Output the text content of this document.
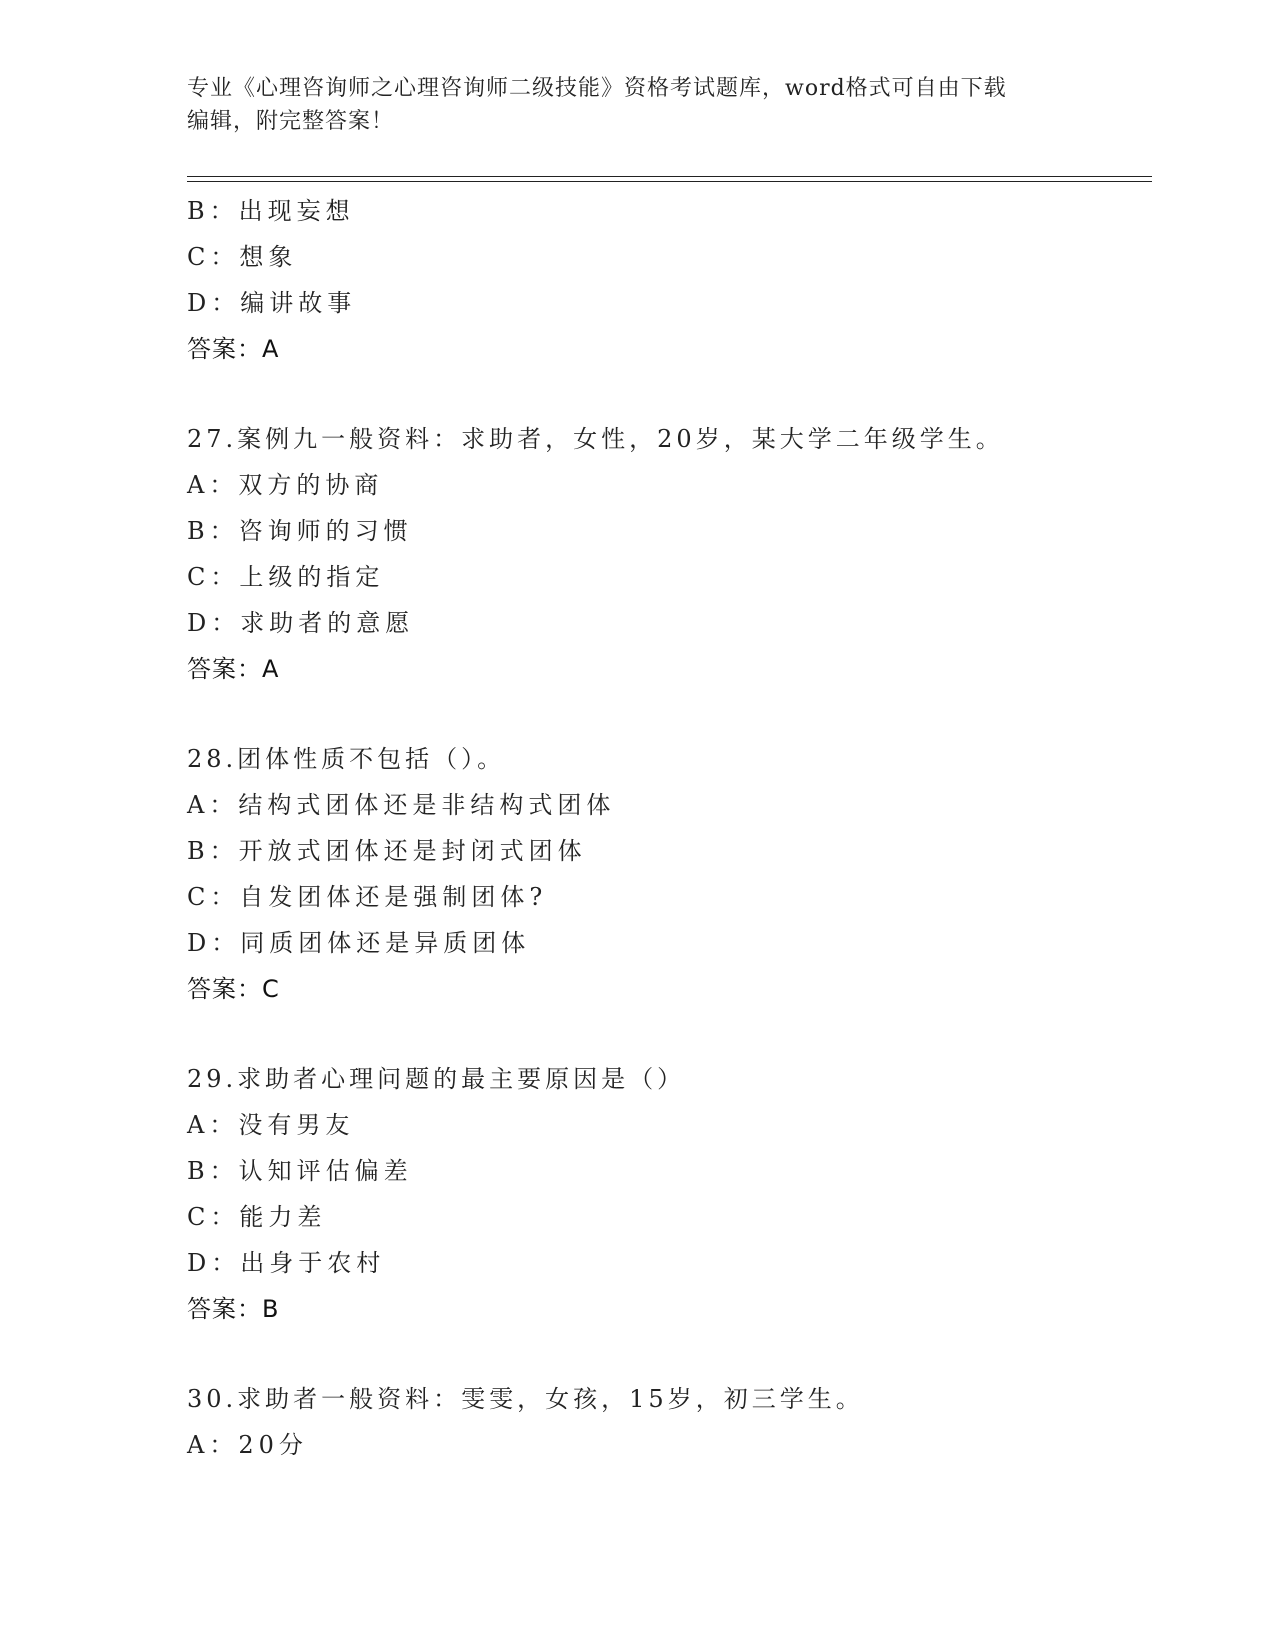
专业《心理咨询师之心理咨询师二级技能》资格考试题库，word格式可自由下载
编辑，附完整答案！
B：出现妄想
C：想象
D：编讲故事
答案：A
27.案例九一般资料：求助者，女性，20岁，某大学二年级学生。
A：双方的协商
B：咨询师的习惯
C：上级的指定
D：求助者的意愿
答案：A
28.团体性质不包括（）。
A：结构式团体还是非结构式团体
B：开放式团体还是封闭式团体
C：自发团体还是强制团体?
D：同质团体还是异质团体
答案：C
29.求助者心理问题的最主要原因是（）
A：没有男友
B：认知评估偏差
C：能力差
D：出身于农村
答案：B
30.求助者一般资料：雯雯，女孩，15岁，初三学生。
A：20分
